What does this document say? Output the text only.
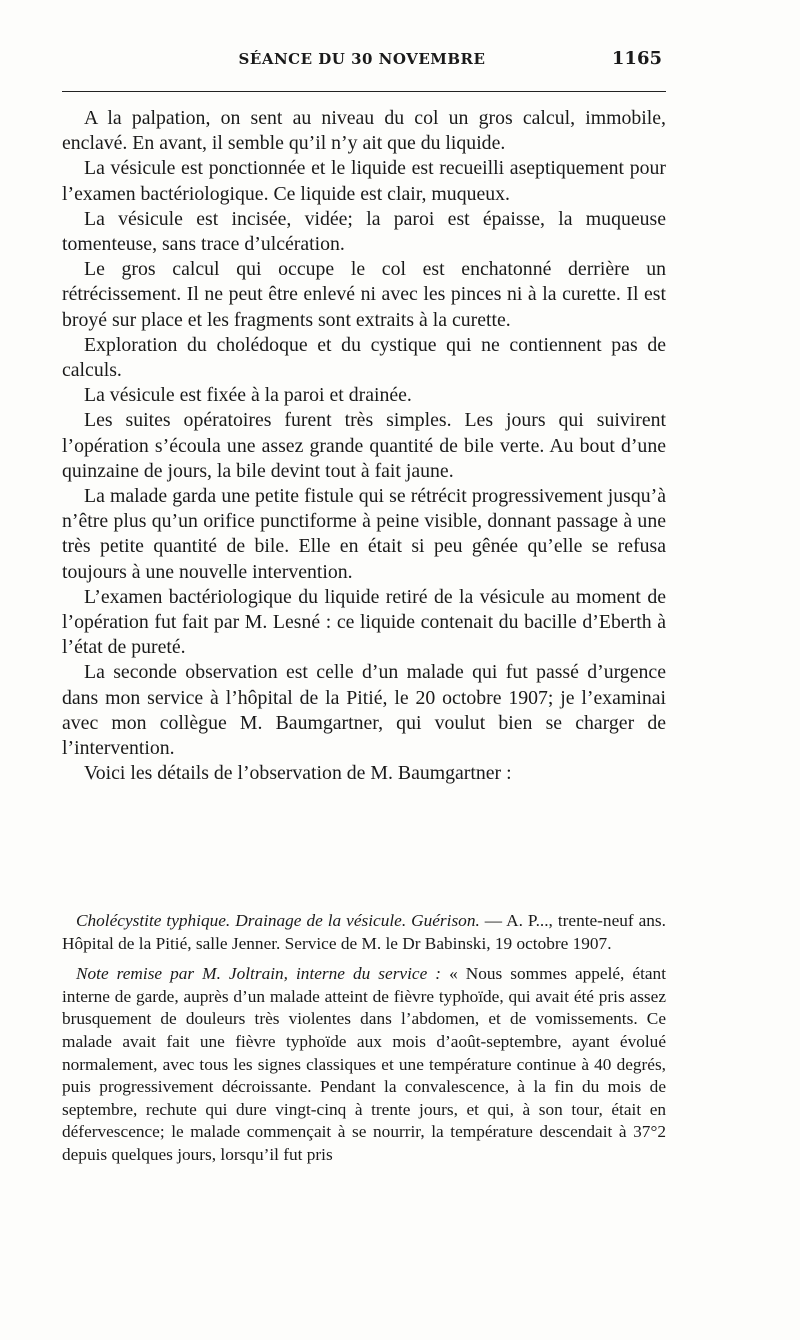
SÉANCE DU 30 NOVEMBRE	1165

A la palpation, on sent au niveau du col un gros calcul, immobile, enclavé. En avant, il semble qu’il n’y ait que du liquide.

La vésicule est ponctionnée et le liquide est recueilli aseptiquement pour l’examen bactériologique. Ce liquide est clair, muqueux.

La vésicule est incisée, vidée; la paroi est épaisse, la muqueuse tomenteuse, sans trace d’ulcération.

Le gros calcul qui occupe le col est enchatonné derrière un rétrécissement. Il ne peut être enlevé ni avec les pinces ni à la curette. Il est broyé sur place et les fragments sont extraits à la curette.

Exploration du cholédoque et du cystique qui ne contiennent pas de calculs.

La vésicule est fixée à la paroi et drainée.

Les suites opératoires furent très simples. Les jours qui suivirent l’opération s’écoula une assez grande quantité de bile verte. Au bout d’une quinzaine de jours, la bile devint tout à fait jaune.

La malade garda une petite fistule qui se rétrécit progressivement jusqu’à n’être plus qu’un orifice punctiforme à peine visible, donnant passage à une très petite quantité de bile. Elle en était si peu gênée qu’elle se refusa toujours à une nouvelle intervention.

L’examen bactériologique du liquide retiré de la vésicule au moment de l’opération fut fait par M. Lesné : ce liquide contenait du bacille d’Eberth à l’état de pureté.

La seconde observation est celle d’un malade qui fut passé d’urgence dans mon service à l’hôpital de la Pitié, le 20 octobre 1907; je l’examinai avec mon collègue M. Baumgartner, qui voulut bien se charger de l’intervention.

Voici les détails de l’observation de M. Baumgartner :

Cholécystite typhique. Drainage de la vésicule. Guérison. — A. P..., trente-neuf ans. Hôpital de la Pitié, salle Jenner. Service de M. le Dr Babinski, 19 octobre 1907.

Note remise par M. Joltrain, interne du service : « Nous sommes appelé, étant interne de garde, auprès d’un malade atteint de fièvre typhoïde, qui avait été pris assez brusquement de douleurs très violentes dans l’abdomen, et de vomissements. Ce malade avait fait une fièvre typhoïde aux mois d’août-septembre, ayant évolué normalement, avec tous les signes classiques et une température continue à 40 degrés, puis progressivement décroissante. Pendant la convalescence, à la fin du mois de septembre, rechute qui dure vingt-cinq à trente jours, et qui, à son tour, était en défervescence; le malade commençait à se nourrir, la température descendait à 37°2 depuis quelques jours, lorsqu’il fut pris
